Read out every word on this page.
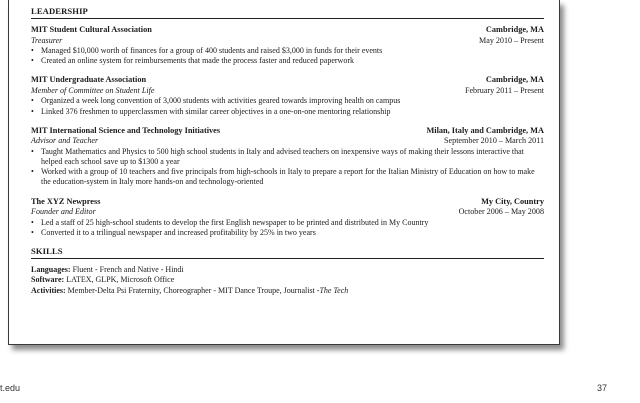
LEADERSHIP
MIT Student Cultural Association	Cambridge, MA
Treasurer	May 2010 – Present
• Managed $10,000 worth of finances for a group of 400 students and raised $3,000 in funds for their events
• Created an online system for reimbursements that made the process faster and reduced paperwork
MIT Undergraduate Association	Cambridge, MA
Member of Committee on Student Life	February 2011 – Present
• Organized a week long convention of 3,000 students with activities geared towards improving health on campus
• Linked 376 freshmen to upperclassmen with similar career objectives in a one-on-one mentoring relationship
MIT International Science and Technology Initiatives	Milan, Italy and Cambridge, MA
Advisor and Teacher	September 2010 – March 2011
• Taught Mathematics and Physics to 500 high school students in Italy and advised teachers on inexpensive ways of making their lessons interactive that helped each school save up to $1300 a year
• Worked with a group of 10 teachers and five principals from high-schools in Italy to prepare a report for the Italian Ministry of Education on how to make the education-system in Italy more hands-on and technology-oriented
The XYZ Newpress	My City, Country
Founder and Editor	October 2006 – May 2008
• Led a staff of 25 high-school students to develop the first English newspaper to be printed and distributed in My Country
• Converted it to a trilingual newspaper and increased profitability by 25% in two years
SKILLS
Languages: Fluent - French and Native - Hindi
Software: LATEX, GLPK, Microsoft Office
Activities: Member-Delta Psi Fraternity, Choreographer - MIT Dance Troupe, Journalist -The Tech
t.edu	37
